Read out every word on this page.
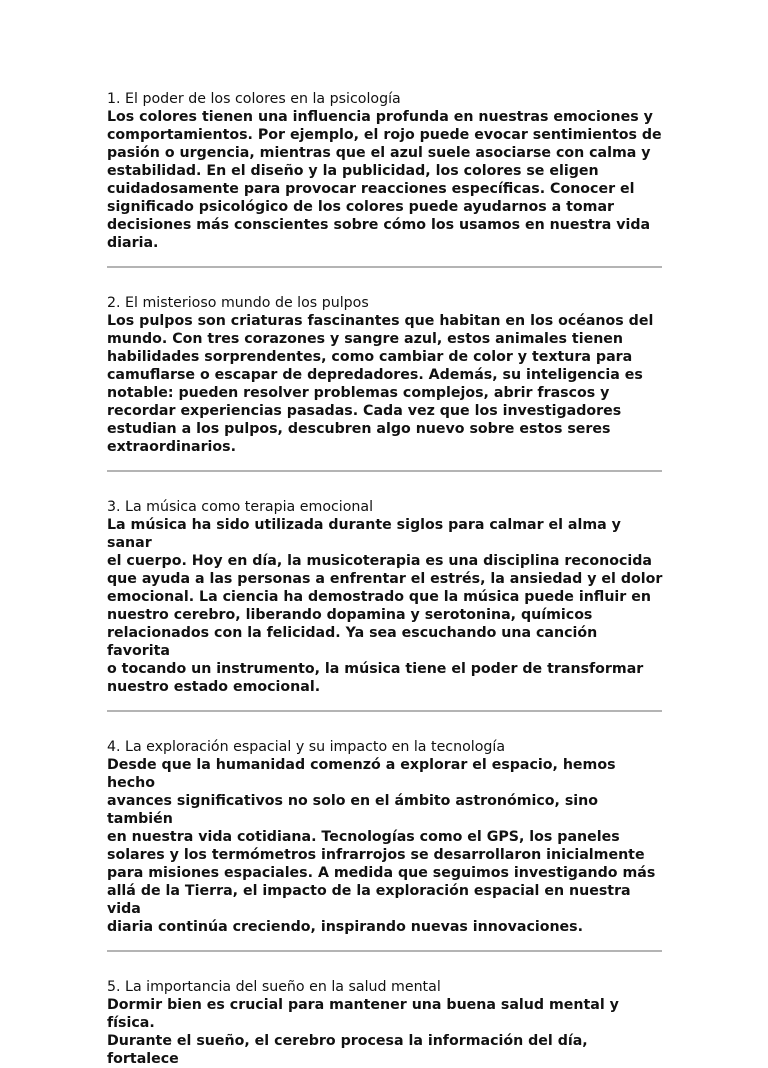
1. El poder de los colores en la psicología

Los colores tienen una influencia profunda en nuestras emociones y
comportamientos. Por ejemplo, el rojo puede evocar sentimientos de
pasión o urgencia, mientras que el azul suele asociarse con calma y
estabilidad. En el diseño y la publicidad, los colores se eligen
cuidadosamente para provocar reacciones específicas. Conocer el
significado psicológico de los colores puede ayudarnos a tomar
decisiones más conscientes sobre cómo los usamos en nuestra vida
diaria.

2. El misterioso mundo de los pulpos

Los pulpos son criaturas fascinantes que habitan en los océanos del
mundo. Con tres corazones y sangre azul, estos animales tienen
habilidades sorprendentes, como cambiar de color y textura para
camuflarse o escapar de depredadores. Además, su inteligencia es
notable: pueden resolver problemas complejos, abrir frascos y
recordar experiencias pasadas. Cada vez que los investigadores
estudian a los pulpos, descubren algo nuevo sobre estos seres
extraordinarios.

3. La música como terapia emocional

La música ha sido utilizada durante siglos para calmar el alma y sanar
el cuerpo. Hoy en día, la musicoterapia es una disciplina reconocida
que ayuda a las personas a enfrentar el estrés, la ansiedad y el dolor
emocional. La ciencia ha demostrado que la música puede influir en
nuestro cerebro, liberando dopamina y serotonina, químicos
relacionados con la felicidad. Ya sea escuchando una canción favorita
o tocando un instrumento, la música tiene el poder de transformar
nuestro estado emocional.

4. La exploración espacial y su impacto en la tecnología

Desde que la humanidad comenzó a explorar el espacio, hemos hecho
avances significativos no solo en el ámbito astronómico, sino también
en nuestra vida cotidiana. Tecnologías como el GPS, los paneles
solares y los termómetros infrarrojos se desarrollaron inicialmente
para misiones espaciales. A medida que seguimos investigando más
allá de la Tierra, el impacto de la exploración espacial en nuestra vida
diaria continúa creciendo, inspirando nuevas innovaciones.

5. La importancia del sueño en la salud mental

Dormir bien es crucial para mantener una buena salud mental y física.
Durante el sueño, el cerebro procesa la información del día, fortalece
